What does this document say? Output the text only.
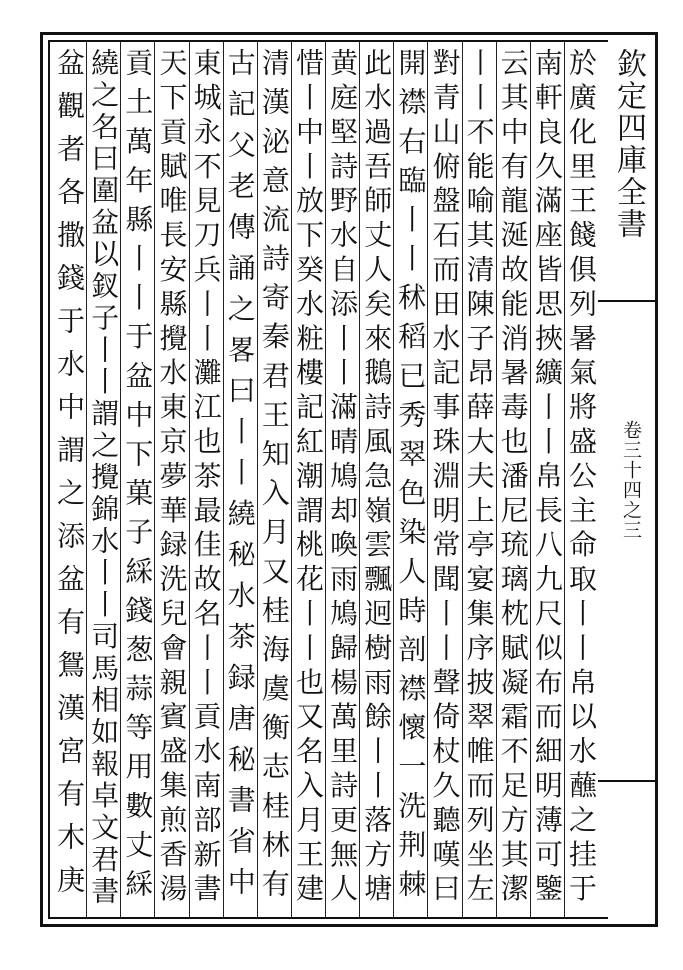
欽定四庫全書
卷三十四之三
於廣化里王餞俱列暑氣將盛公主命取丨丨帛以水蘸之挂于
南軒良久滿座皆思挾纊丨丨帛長八九尺似布而細明薄可鑒
云其中有龍涎故能消暑毒也潘尼琉璃枕賦凝霜不足方其潔
丨丨不能喻其清陳子昂薛大夫上亭宴集序披翠帷而列坐左
對青山俯盤石而田水記事珠淵明常聞丨丨聲倚杖久聽嘆曰
開襟右臨丨丨秫稻已秀翠色染人時剖襟懷一洗荆棘
此水過吾師丈人矣來鵝詩風急嶺雲飄迥樹雨餘丨丨落方塘
黄庭堅詩野水自添丨丨滿晴鳩却喚雨鳩歸楊萬里詩更無人
惜丨中丨放下癸水粧樓記紅潮謂桃花丨丨也又名入月王建
清漢泌意流詩寄秦君王知入月又桂海虞衡志桂林有
古記父老傳誦之畧曰丨丨繞秘水茶録唐秘書省中
東城永不見刀兵丨丨灘江也茶最佳故名丨丨貢水南部新書
天下貢賦唯長安縣攪水東京夢華録洗兒會親賓盛集煎香湯
貢土萬年縣丨丨于盆中下菓子綵錢葱蒜等用數丈綵
繞之名曰圍盆以釵子丨丨謂之攪錦水丨丨司馬相如報卓文君書
盆觀者各撒錢于水中謂之添盆有鴛漢宮有木庚
